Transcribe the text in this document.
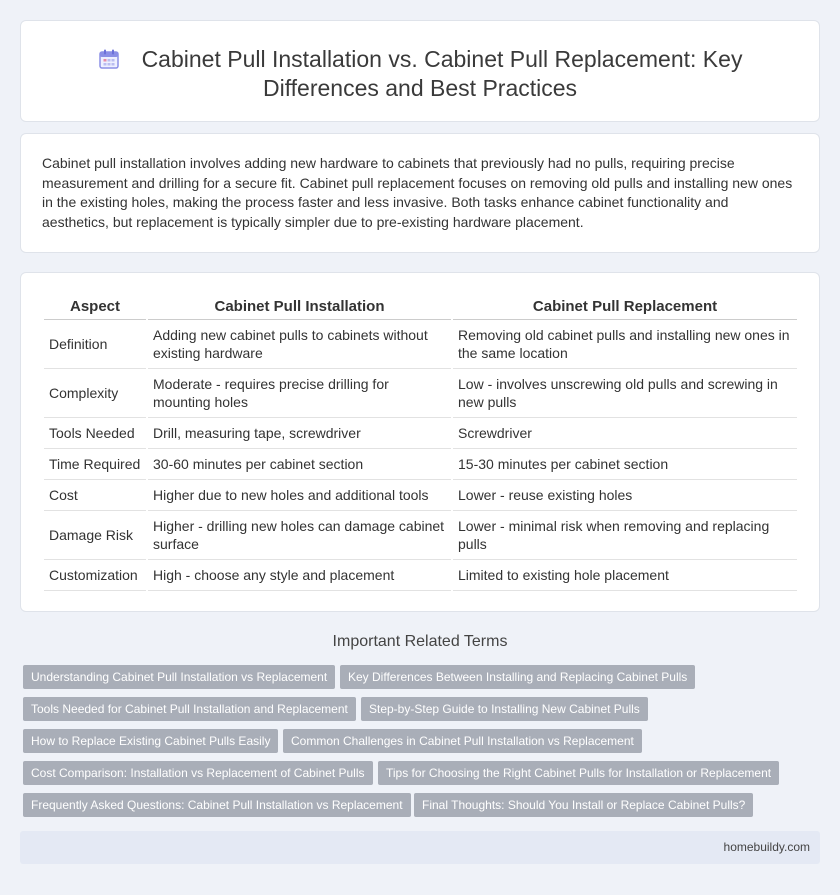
Cabinet Pull Installation vs. Cabinet Pull Replacement: Key
Differences and Best Practices

Cabinet pull installation involves adding new hardware to cabinets that previously had no pulls, requiring precise measurement and drilling for a secure fit. Cabinet pull replacement focuses on removing old pulls and installing new ones in the existing holes, making the process faster and less invasive. Both tasks enhance cabinet functionality and aesthetics, but replacement is typically simpler due to pre-existing hardware placement.

Aspect	Cabinet Pull Installation	Cabinet Pull Replacement
Definition	Adding new cabinet pulls to cabinets without existing hardware	Removing old cabinet pulls and installing new ones in the same location
Complexity	Moderate - requires precise drilling for mounting holes	Low - involves unscrewing old pulls and screwing in new pulls
Tools Needed	Drill, measuring tape, screwdriver	Screwdriver
Time Required	30-60 minutes per cabinet section	15-30 minutes per cabinet section
Cost	Higher due to new holes and additional tools	Lower - reuse existing holes
Damage Risk	Higher - drilling new holes can damage cabinet surface	Lower - minimal risk when removing and replacing pulls
Customization	High - choose any style and placement	Limited to existing hole placement
Important Related Terms
Understanding Cabinet Pull Installation vs Replacement	Key Differences Between Installing and Replacing Cabinet Pulls
Tools Needed for Cabinet Pull Installation and Replacement	Step-by-Step Guide to Installing New Cabinet Pulls
How to Replace Existing Cabinet Pulls Easily	Common Challenges in Cabinet Pull Installation vs Replacement
Cost Comparison: Installation vs Replacement of Cabinet Pulls	Tips for Choosing the Right Cabinet Pulls for Installation or Replacement
Frequently Asked Questions: Cabinet Pull Installation vs Replacement	Final Thoughts: Should You Install or Replace Cabinet Pulls?
homebuildy.com
